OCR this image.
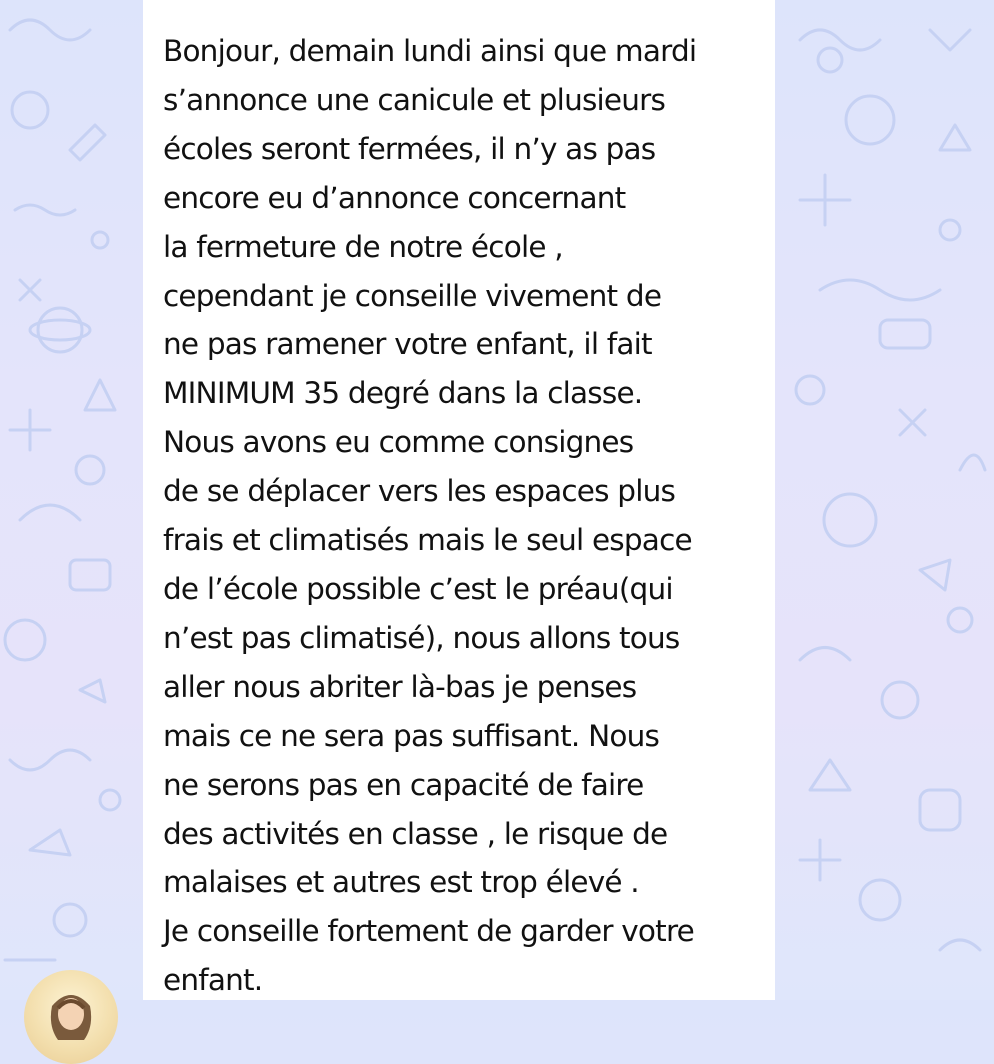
Bonjour, demain lundi ainsi que mardi
s’annonce une canicule et plusieurs
écoles seront fermées, il n’y as pas
encore eu d’annonce concernant
la fermeture de notre école ,
cependant je conseille vivement de
ne pas ramener votre enfant, il fait
MINIMUM 35 degré dans la classe.
Nous avons eu comme consignes
de se déplacer vers les espaces plus
frais et climatisés mais le seul espace
de l’école possible c’est le préau(qui
n’est pas climatisé), nous allons tous
aller nous abriter là-bas je penses
mais ce ne sera pas suffisant. Nous
ne serons pas en capacité de faire
des activités en classe , le risque de
malaises et autres est trop élevé .
Je conseille fortement de garder votre
enfant.
